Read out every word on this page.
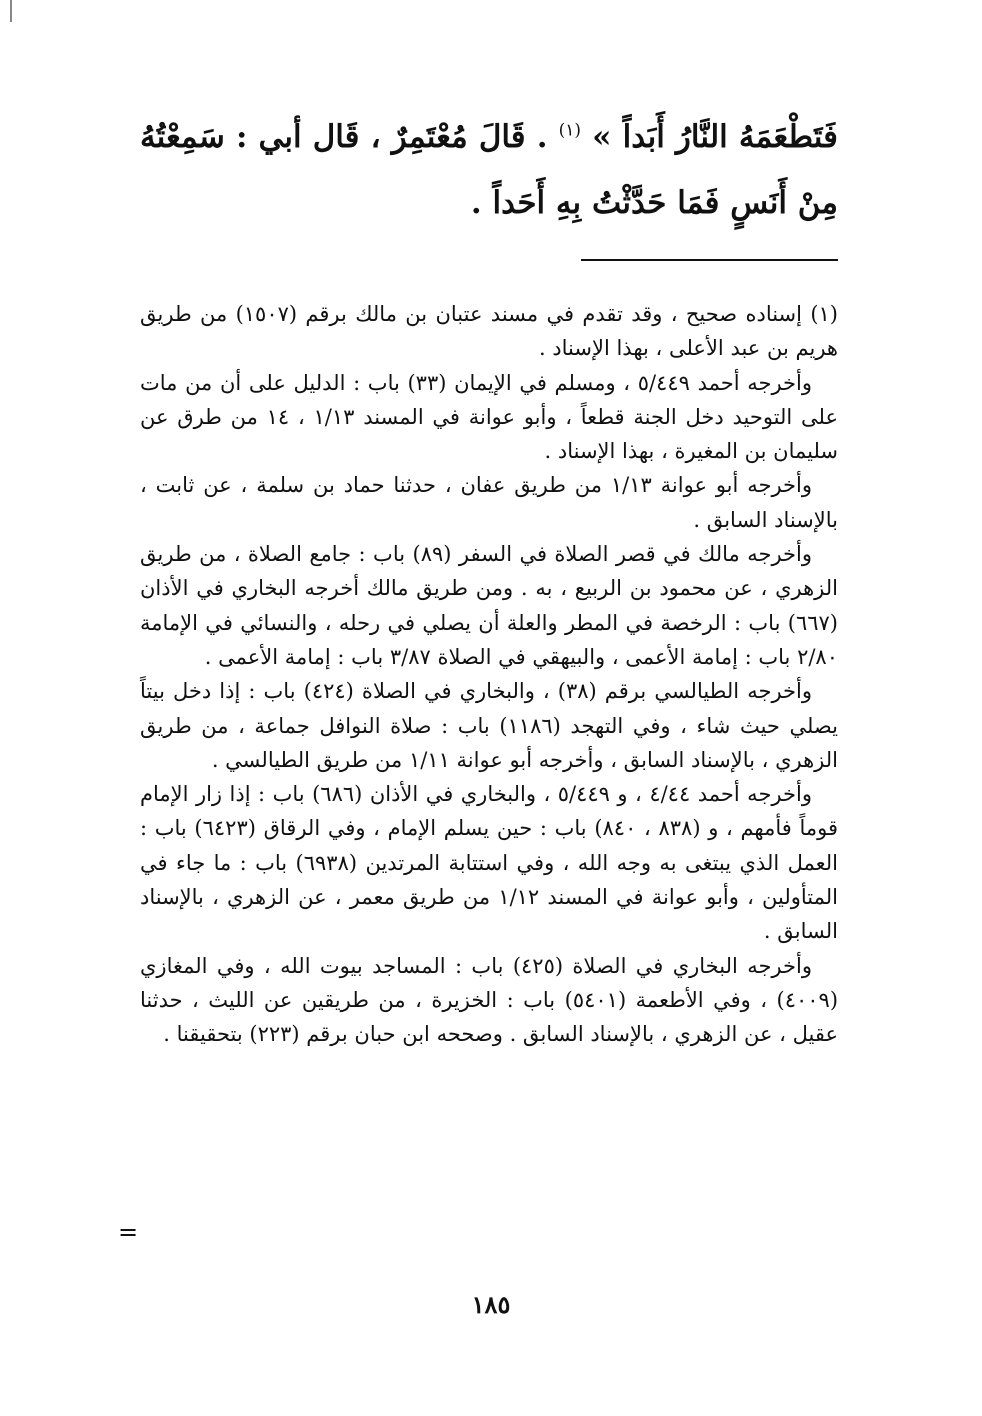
فَتَطْعَمَهُ النَّارُ أَبَداً » $^{(١)}$ . قَالَ مُعْتَمِرٌ ، قَال أبي : سَمِعْتُهُ مِنْ أَنَسٍ فَمَا حَدَّثْتُ بِهِ أَحَداً .

(١) إسناده صحيح ، وقد تقدم في مسند عتبان بن مالك برقم (١٥٠٧) من طريق هريم بن عبد الأعلى ، بهذا الإسناد .

وأخرجه أحمد ٥/٤٤٩ ، ومسلم في الإيمان (٣٣) باب : الدليل على أن من مات على التوحيد دخل الجنة قطعاً ، وأبو عوانة في المسند ١/١٣ ، ١٤ من طرق عن سليمان بن المغيرة ، بهذا الإسناد .

وأخرجه أبو عوانة ١/١٣ من طريق عفان ، حدثنا حماد بن سلمة ، عن ثابت ، بالإسناد السابق .

وأخرجه مالك في قصر الصلاة في السفر (٨٩) باب : جامع الصلاة ، من طريق الزهري ، عن محمود بن الربيع ، به . ومن طريق مالك أخرجه البخاري في الأذان (٦٦٧) باب : الرخصة في المطر والعلة أن يصلي في رحله ، والنسائي في الإمامة ٢/٨٠ باب : إمامة الأعمى ، والبيهقي في الصلاة ٣/٨٧ باب : إمامة الأعمى .

وأخرجه الطيالسي برقم (٣٨) ، والبخاري في الصلاة (٤٢٤) باب : إذا دخل بيتاً يصلي حيث شاء ، وفي التهجد (١١٨٦) باب : صلاة النوافل جماعة ، من طريق الزهري ، بالإسناد السابق ، وأخرجه أبو عوانة ١/١١ من طريق الطيالسي .

وأخرجه أحمد ٤/٤٤ ، و ٥/٤٤٩ ، والبخاري في الأذان (٦٨٦) باب : إذا زار الإمام قوماً فأمهم ، و (٨٣٨ ، ٨٤٠) باب : حين يسلم الإمام ، وفي الرقاق (٦٤٢٣) باب : العمل الذي يبتغى به وجه الله ، وفي استتابة المرتدين (٦٩٣٨) باب : ما جاء في المتأولين ، وأبو عوانة في المسند ١/١٢ من طريق معمر ، عن الزهري ، بالإسناد السابق .

وأخرجه البخاري في الصلاة (٤٢٥) باب : المساجد بيوت الله ، وفي المغازي (٤٠٠٩) ، وفي الأطعمة (٥٤٠١) باب : الخزيرة ، من طريقين عن الليث ، حدثنا عقيل ، عن الزهري ، بالإسناد السابق . وصححه ابن حبان برقم (٢٢٣) بتحقيقنا .

=
١٨٥
